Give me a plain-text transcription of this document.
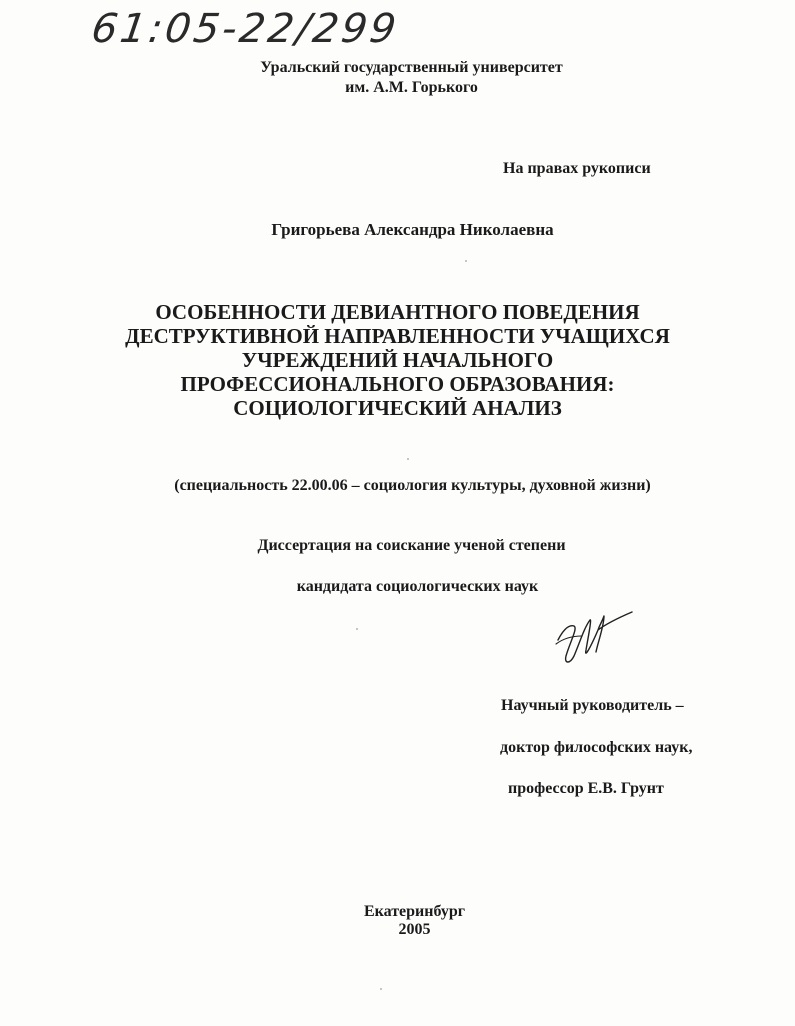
61:05-22/299
Уральский государственный университет
им. А.М. Горького
На правах рукописи
Григорьева Александра Николаевна
ОСОБЕННОСТИ ДЕВИАНТНОГО ПОВЕДЕНИЯ
ДЕСТРУКТИВНОЙ НАПРАВЛЕННОСТИ УЧАЩИХСЯ
УЧРЕЖДЕНИЙ НАЧАЛЬНОГО
ПРОФЕССИОНАЛЬНОГО ОБРАЗОВАНИЯ:
СОЦИОЛОГИЧЕСКИЙ АНАЛИЗ
(специальность 22.00.06 – социология культуры, духовной жизни)
Диссертация на соискание ученой степени
кандидата социологических наук
Научный руководитель –
доктор философских наук,
профессор Е.В. Грунт
Екатеринбург
2005
